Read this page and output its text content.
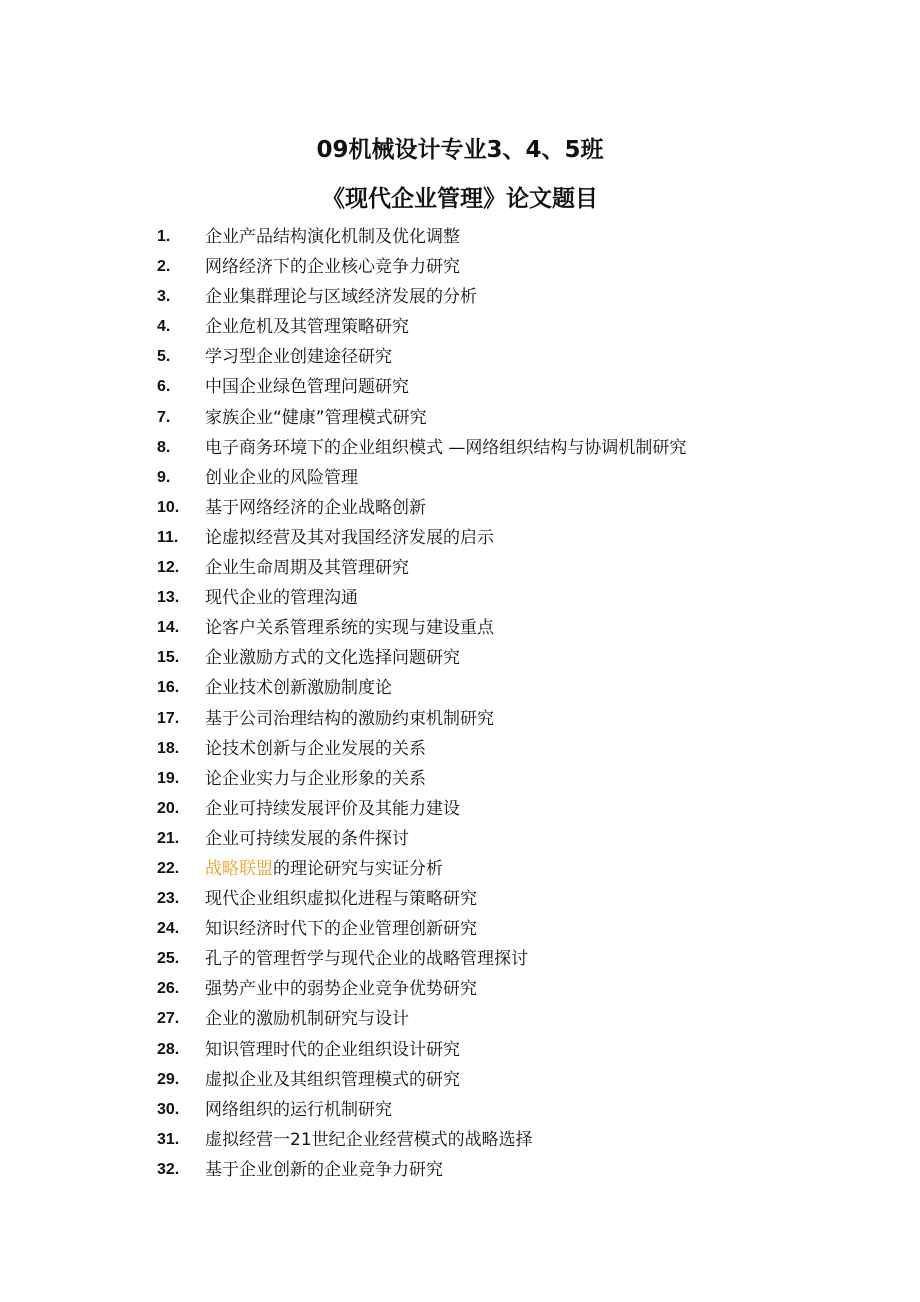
09机械设计专业3、4、5班
《现代企业管理》论文题目
1. 企业产品结构演化机制及优化调整
2. 网络经济下的企业核心竞争力研究
3. 企业集群理论与区域经济发展的分析
4. 企业危机及其管理策略研究
5. 学习型企业创建途径研究
6. 中国企业绿色管理问题研究
7. 家族企业“健康”管理模式研究
8. 电子商务环境下的企业组织模式 —网络组织结构与协调机制研究
9. 创业企业的风险管理
10. 基于网络经济的企业战略创新
11. 论虚拟经营及其对我国经济发展的启示
12. 企业生命周期及其管理研究
13. 现代企业的管理沟通
14. 论客户关系管理系统的实现与建设重点
15. 企业激励方式的文化选择问题研究
16. 企业技术创新激励制度论
17. 基于公司治理结构的激励约束机制研究
18. 论技术创新与企业发展的关系
19. 论企业实力与企业形象的关系
20. 企业可持续发展评价及其能力建设
21. 企业可持续发展的条件探讨
22. 战略联盟的理论研究与实证分析
23. 现代企业组织虚拟化进程与策略研究
24. 知识经济时代下的企业管理创新研究
25. 孔子的管理哲学与现代企业的战略管理探讨
26. 强势产业中的弱势企业竞争优势研究
27. 企业的激励机制研究与设计
28. 知识管理时代的企业组织设计研究
29. 虚拟企业及其组织管理模式的研究
30. 网络组织的运行机制研究
31. 虚拟经营一21世纪企业经营模式的战略选择
32. 基于企业创新的企业竞争力研究
